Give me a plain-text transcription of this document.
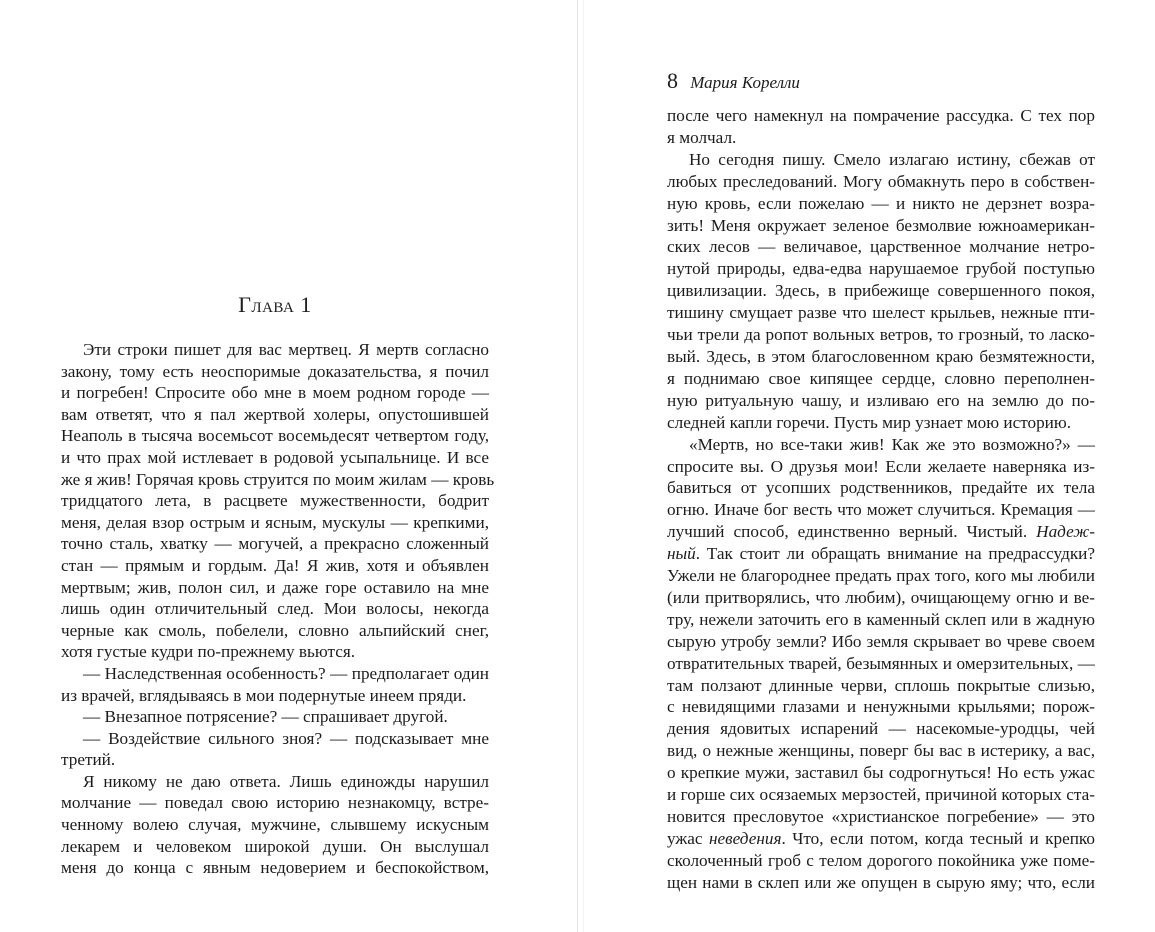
Глава 1
Эти строки пишет для вас мертвец. Я мертв согласно
закону, тому есть неоспоримые доказательства, я почил
и погребен! Спросите обо мне в моем родном городе —
вам ответят, что я пал жертвой холеры, опустошившей
Неаполь в тысяча восемьсот восемьдесят четвертом году,
и что прах мой истлевает в родовой усыпальнице. И все
же я жив! Горячая кровь струится по моим жилам — кровь
тридцатого лета, в расцвете мужественности, бодрит
меня, делая взор острым и ясным, мускулы — крепкими,
точно сталь, хватку — могучей, а прекрасно сложенный
стан — прямым и гордым. Да! Я жив, хотя и объявлен
мертвым; жив, полон сил, и даже горе оставило на мне
лишь один отличительный след. Мои волосы, некогда
черные как смоль, побелели, словно альпийский снег,
хотя густые кудри по-прежнему вьются.
— Наследственная особенность? — предполагает один
из врачей, вглядываясь в мои подернутые инеем пряди.
— Внезапное потрясение? — спрашивает другой.
— Воздействие сильного зноя? — подсказывает мне
третий.
Я никому не даю ответа. Лишь единожды нарушил
молчание — поведал свою историю незнакомцу, встре-
ченному волею случая, мужчине, слывшему искусным
лекарем и человеком широкой души. Он выслушал
меня до конца с явным недоверием и беспокойством,
8 Мария Корелли
после чего намекнул на помрачение рассудка. С тех пор
я молчал.
Но сегодня пишу. Смело излагаю истину, сбежав от
любых преследований. Могу обмакнуть перо в собствен-
ную кровь, если пожелаю — и никто не дерзнет возра-
зить! Меня окружает зеленое безмолвие южноамерикан-
ских лесов — величавое, царственное молчание нетро-
нутой природы, едва-едва нарушаемое грубой поступью
цивилизации. Здесь, в прибежище совершенного покоя,
тишину смущает разве что шелест крыльев, нежные пти-
чьи трели да ропот вольных ветров, то грозный, то ласко-
вый. Здесь, в этом благословенном краю безмятежности,
я поднимаю свое кипящее сердце, словно переполнен-
ную ритуальную чашу, и изливаю его на землю до по-
следней капли горечи. Пусть мир узнает мою историю.
«Мертв, но все-таки жив! Как же это возможно?» —
спросите вы. О друзья мои! Если желаете наверняка из-
бавиться от усопших родственников, предайте их тела
огню. Иначе бог весть что может случиться. Кремация —
лучший способ, единственно верный. Чистый. Надеж-
ный. Так стоит ли обращать внимание на предрассудки?
Ужели не благороднее предать прах того, кого мы любили
(или притворялись, что любим), очищающему огню и ве-
тру, нежели заточить его в каменный склеп или в жадную
сырую утробу земли? Ибо земля скрывает во чреве своем
отвратительных тварей, безымянных и омерзительных, —
там ползают длинные черви, сплошь покрытые слизью,
с невидящими глазами и ненужными крыльями; порож-
дения ядовитых испарений — насекомые-уродцы, чей
вид, о нежные женщины, поверг бы вас в истерику, а вас,
о крепкие мужи, заставил бы содрогнуться! Но есть ужас
и горше сих осязаемых мерзостей, причиной которых ста-
новится пресловутое «христианское погребение» — это
ужас неведения. Что, если потом, когда тесный и крепко
сколоченный гроб с телом дорогого покойника уже поме-
щен нами в склеп или же опущен в сырую яму; что, если
